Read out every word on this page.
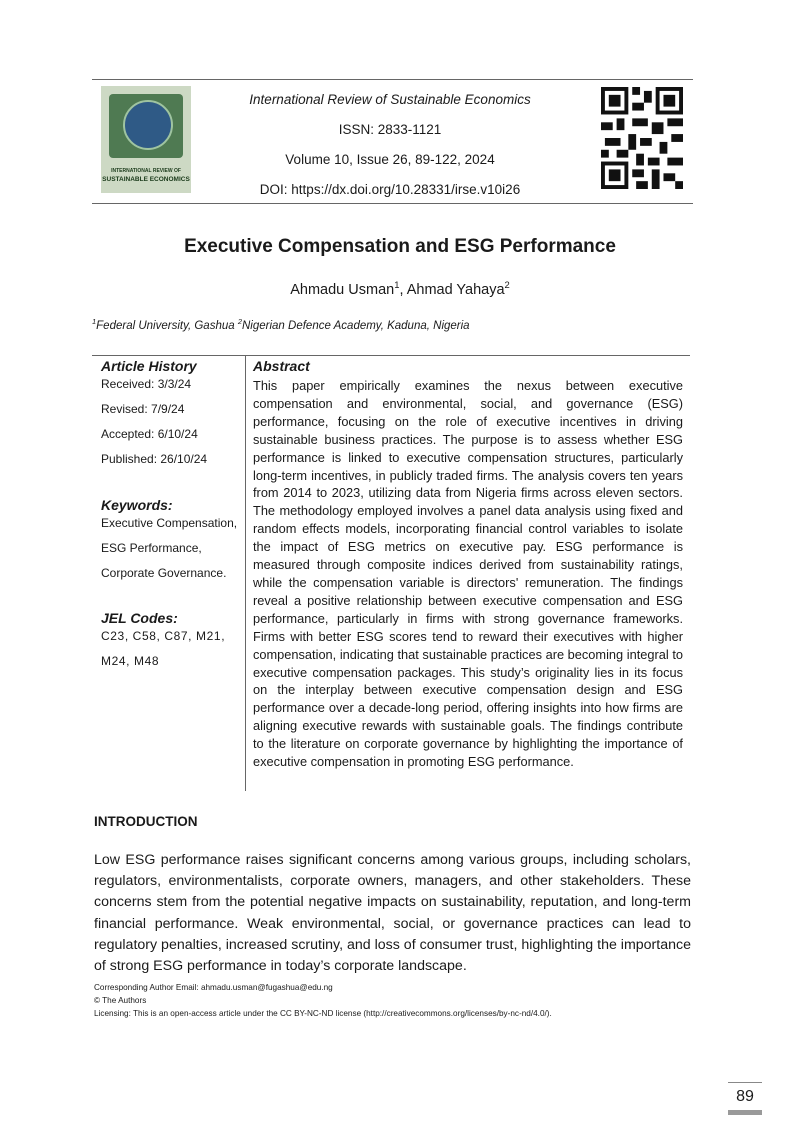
INTERNATIONAL REVIEW OF
SUSTAINABLE ECONOMICS
International Review of Sustainable Economics
ISSN: 2833-1121
Volume 10, Issue 26, 89-122, 2024
DOI: https://dx.doi.org/10.28331/irse.v10i26
Executive Compensation and ESG Performance
Ahmadu Usman$^1$, Ahmad Yahaya$^2$
$^1$Federal University, Gashua $^2$Nigerian Defence Academy, Kaduna, Nigeria
Article History
Received: 3/3/24
Revised: 7/9/24
Accepted: 6/10/24
Published: 26/10/24
Keywords:
Executive Compensation,
ESG Performance,
Corporate Governance.
JEL Codes:
C23, C58, C87, M21,
M24, M48
Abstract
This paper empirically examines the nexus between executive compensation and environmental, social, and governance (ESG) performance, focusing on the role of executive incentives in driving sustainable business practices. The purpose is to assess whether ESG performance is linked to executive compensation structures, particularly long-term incentives, in publicly traded firms. The analysis covers ten years from 2014 to 2023, utilizing data from Nigeria firms across eleven sectors. The methodology employed involves a panel data analysis using fixed and random effects models, incorporating financial control variables to isolate the impact of ESG metrics on executive pay. ESG performance is measured through composite indices derived from sustainability ratings, while the compensation variable is directors' remuneration. The findings reveal a positive relationship between executive compensation and ESG performance, particularly in firms with strong governance frameworks. Firms with better ESG scores tend to reward their executives with higher compensation, indicating that sustainable practices are becoming integral to executive compensation packages. This study’s originality lies in its focus on the interplay between executive compensation design and ESG performance over a decade-long period, offering insights into how firms are aligning executive rewards with sustainable goals. The findings contribute to the literature on corporate governance by highlighting the importance of executive compensation in promoting ESG performance.
INTRODUCTION
Low ESG performance raises significant concerns among various groups, including scholars, regulators, environmentalists, corporate owners, managers, and other stakeholders. These concerns stem from the potential negative impacts on sustainability, reputation, and long-term financial performance. Weak environmental, social, or governance practices can lead to regulatory penalties, increased scrutiny, and loss of consumer trust, highlighting the importance of strong ESG performance in today’s corporate landscape.
Corresponding Author Email: ahmadu.usman@fugashua@edu.ng
© The Authors
Licensing: This is an open-access article under the CC BY-NC-ND license (http://creativecommons.org/licenses/by-nc-nd/4.0/).
89
